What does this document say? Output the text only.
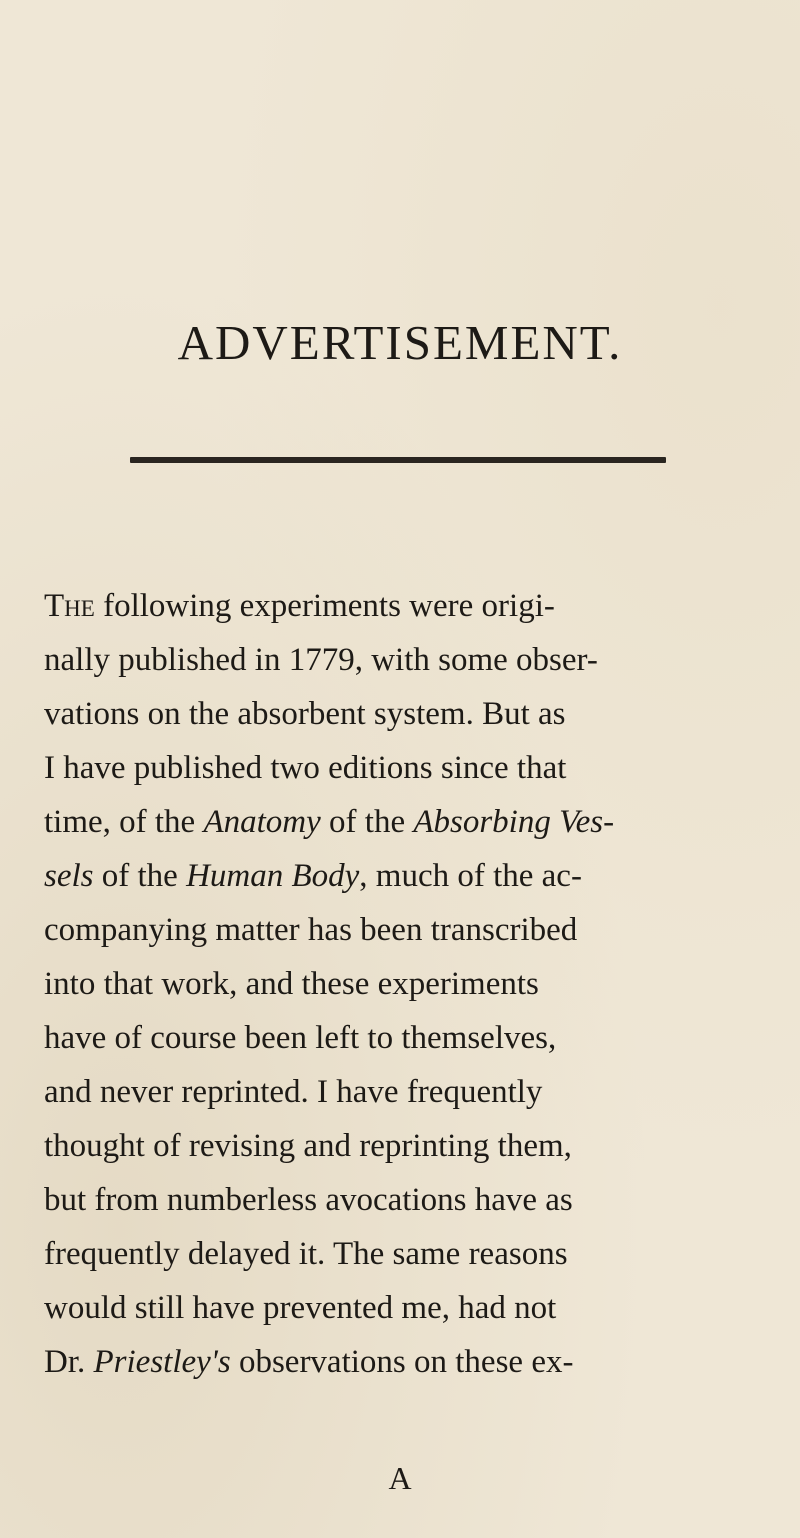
ADVERTISEMENT.
The following experiments were origi-
nally published in 1779, with some obser-
vations on the absorbent system. But as
I have published two editions since that
time, of the Anatomy of the Absorbing Ves-
sels of the Human Body, much of the ac-
companying matter has been transcribed
into that work, and these experiments
have of course been left to themselves,
and never reprinted. I have frequently
thought of revising and reprinting them,
but from numberless avocations have as
frequently delayed it. The same reasons
would still have prevented me, had not
Dr. Priestley's observations on these ex-
A
